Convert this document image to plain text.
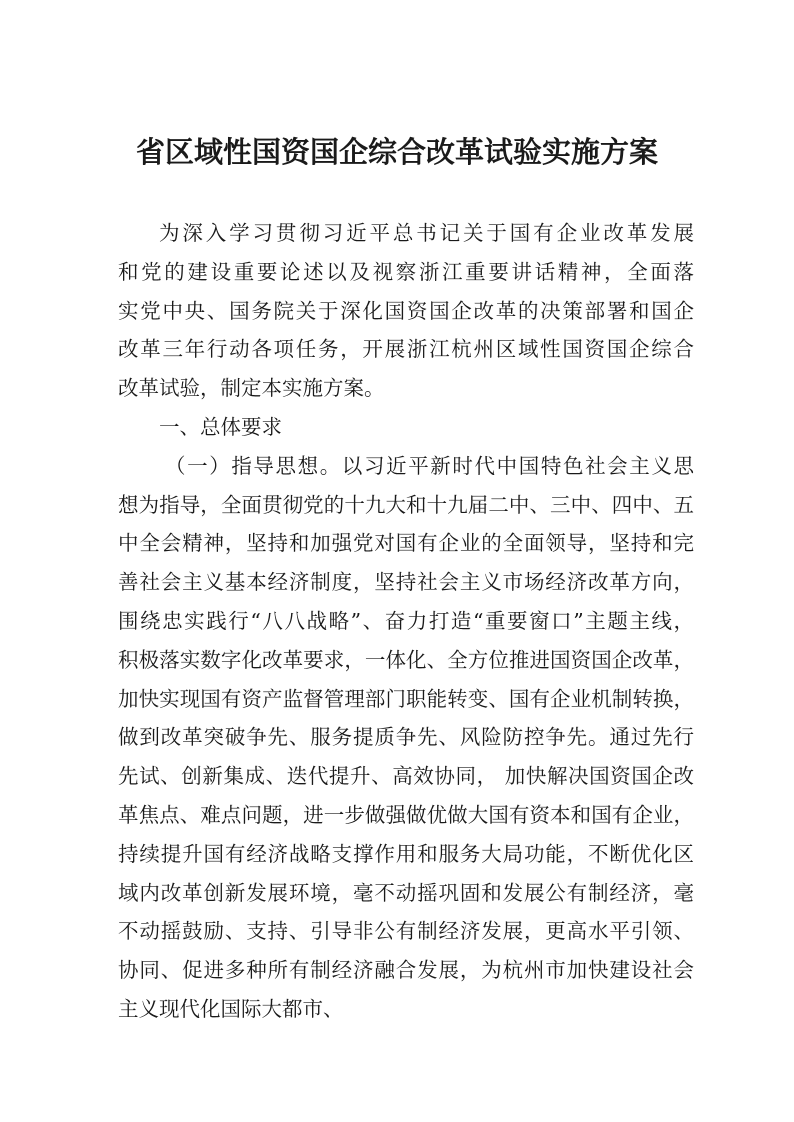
省区域性国资国企综合改革试验实施方案
为深入学习贯彻习近平总书记关于国有企业改革发展
和党的建设重要论述以及视察浙江重要讲话精神，全面落
实党中央、国务院关于深化国资国企改革的决策部署和国企
改革三年行动各项任务，开展浙江杭州区域性国资国企综合
改革试验，制定本实施方案。
一、总体要求
（一）指导思想。以习近平新时代中国特色社会主义思
想为指导，全面贯彻党的十九大和十九届二中、三中、四中、五
中全会精神，坚持和加强党对国有企业的全面领导，坚持和完
善社会主义基本经济制度，坚持社会主义市场经济改革方向，
围绕忠实践行“八八战略”、奋力打造“重要窗口”主题主线，
积极落实数字化改革要求，一体化、全方位推进国资国企改革，
加快实现国有资产监督管理部门职能转变、国有企业机制转换，
做到改革突破争先、服务提质争先、风险防控争先。通过先行
先试、创新集成、迭代提升、高效协同， 加快解决国资国企改
革焦点、难点问题，进一步做强做优做大国有资本和国有企业，
持续提升国有经济战略支撑作用和服务大局功能，不断优化区
域内改革创新发展环境，毫不动摇巩固和发展公有制经济，毫
不动摇鼓励、支持、引导非公有制经济发展，更高水平引领、
协同、促进多种所有制经济融合发展，为杭州市加快建设社会
主义现代化国际大都市、
